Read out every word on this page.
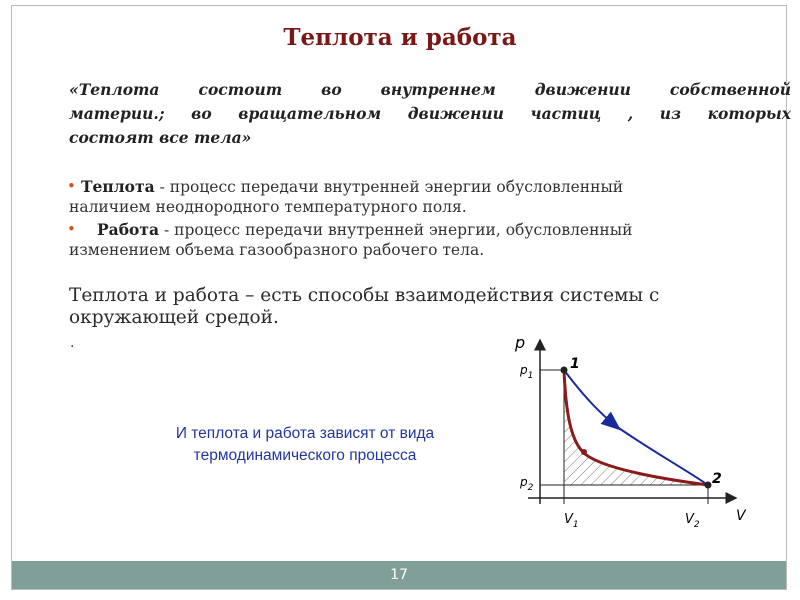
Теплота и работа
«Теплота состоит во внутреннем движении собственной
материи.; во вращательном движении частиц , из которых
состоят все тела»
• Теплота - процесс передачи внутренней энергии обусловленный
наличием неоднородного температурного поля.
•	Работа - процесс передачи внутренней энергии, обусловленный
изменением объема газообразного рабочего тела.
Теплота и работа – есть способы взаимодействия системы с
окружающей средой.
.
И теплота и работа зависят от вида
термодинамического процесса
p
V
$p_1$
$p_2$
$V_1$	$V_2$
1
2
17
